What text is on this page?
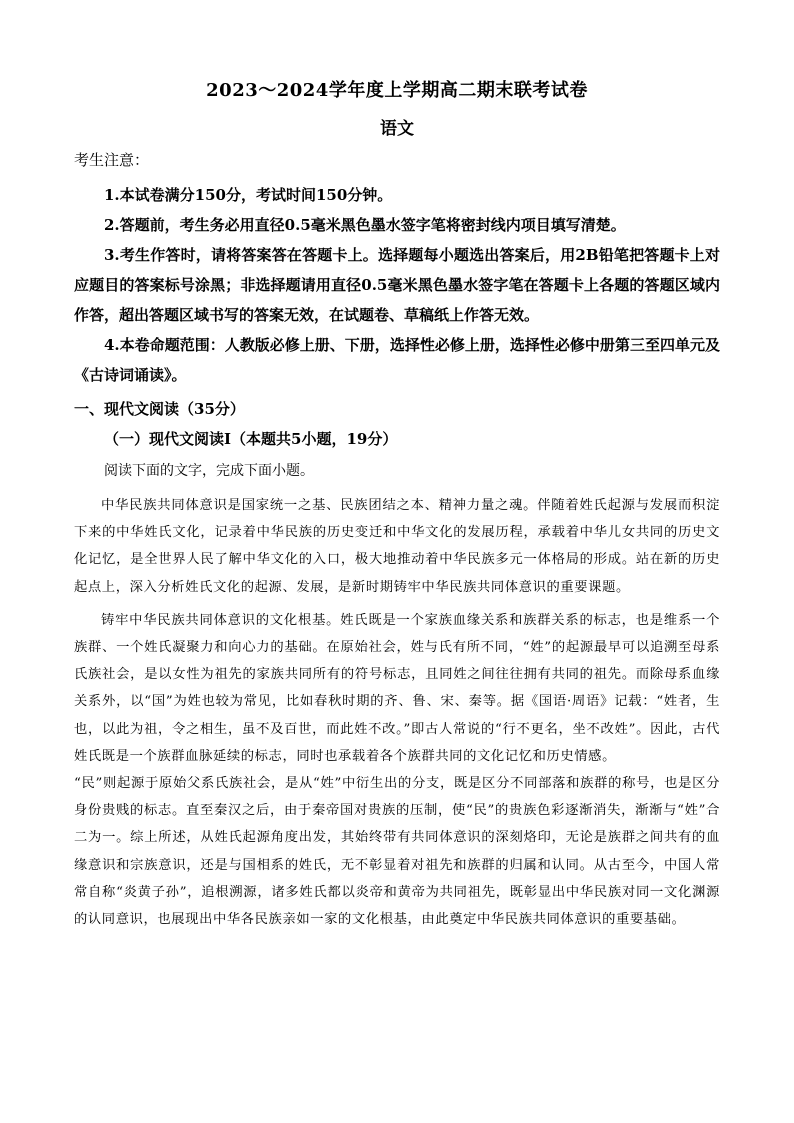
2023～2024学年度上学期高二期末联考试卷
语文
考生注意：
1.本试卷满分150分，考试时间150分钟。
2.答题前，考生务必用直径0.5毫米黑色墨水签字笔将密封线内项目填写清楚。
3.考生作答时，请将答案答在答题卡上。选择题每小题选出答案后，用2B铅笔把答题卡上对应题目的答案标号涂黑；非选择题请用直径0.5毫米黑色墨水签字笔在答题卡上各题的答题区域内作答，超出答题区域书写的答案无效，在试题卷、草稿纸上作答无效。
4.本卷命题范围：人教版必修上册、下册，选择性必修上册，选择性必修中册第三至四单元及《古诗词诵读》。
一、现代文阅读（35分）
（一）现代文阅读Ⅰ（本题共5小题，19分）
阅读下面的文字，完成下面小题。

中华民族共同体意识是国家统一之基、民族团结之本、精神力量之魂。伴随着姓氏起源与发展而积淀下来的中华姓氏文化，记录着中华民族的历史变迁和中华文化的发展历程，承载着中华儿女共同的历史文化记忆，是全世界人民了解中华文化的入口，极大地推动着中华民族多元一体格局的形成。站在新的历史起点上，深入分析姓氏文化的起源、发展，是新时期铸牢中华民族共同体意识的重要课题。

铸牢中华民族共同体意识的文化根基。姓氏既是一个家族血缘关系和族群关系的标志，也是维系一个族群、一个姓氏凝聚力和向心力的基础。在原始社会，姓与氏有所不同，“姓”的起源最早可以追溯至母系氏族社会，是以女性为祖先的家族共同所有的符号标志，且同姓之间往往拥有共同的祖先。而除母系血缘关系外，以“国”为姓也较为常见，比如春秋时期的齐、鲁、宋、秦等。据《国语·周语》记载：“姓者，生也，以此为祖，令之相生，虽不及百世，而此姓不改。”即古人常说的“行不更名，坐不改姓”。因此，古代姓氏既是一个族群血脉延续的标志，同时也承载着各个族群共同的文化记忆和历史情感。

“民”则起源于原始父系氏族社会，是从“姓”中衍生出的分支，既是区分不同部落和族群的称号，也是区分身份贵贱的标志。直至秦汉之后，由于秦帝国对贵族的压制，使“民”的贵族色彩逐渐消失，渐渐与“姓”合二为一。综上所述，从姓氏起源角度出发，其始终带有共同体意识的深刻烙印，无论是族群之间共有的血缘意识和宗族意识，还是与国相系的姓氏，无不彰显着对祖先和族群的归属和认同。从古至今，中国人常常自称“炎黄子孙”，追根溯源，诸多姓氏都以炎帝和黄帝为共同祖先，既彰显出中华民族对同一文化渊源的认同意识，也展现出中华各民族亲如一家的文化根基，由此奠定中华民族共同体意识的重要基础。
